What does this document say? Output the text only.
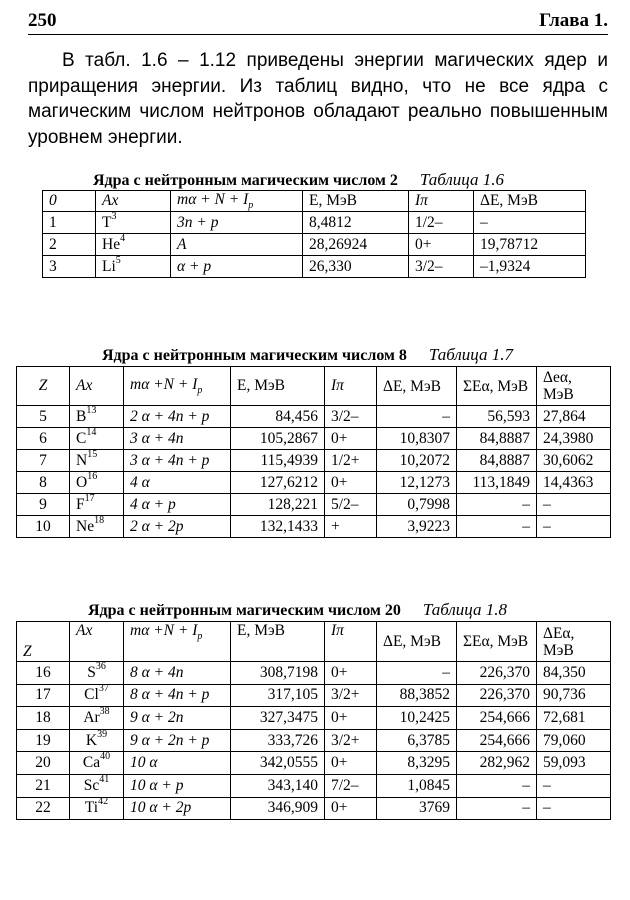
250	Глава 1.
В табл. 1.6 – 1.12 приведены энергии магических ядер и приращения энергии. Из таблиц видно, что не все ядра с магическим числом нейтронов обладают реально повышенным уровнем энергии.
Ядра с нейтронным магическим числом 2 Таблица 1.6
0	Ax	$m\alpha + N + I_p$	E, МэВ	Iπ	ΔE, МэВ
1	$T^3$	3n + p	8,4812	1/2–	–
2	He$^4$	A	28,26924	0+	19,78712
3	Li$^5$	α + p	26,330	3/2–	–1,9324
Ядра с нейтронным магическим числом 8 Таблица 1.7
Z	Ax	$m\alpha +N + I_p$	E, МэВ	Iπ	ΔE, МэВ	ΣEα, МэВ	Δeα, МэВ
5	$B^{13}$	2 α + 4n + p	84,456	3/2–	–	56,593	27,864
6	$C^{14}$	3 α + 4n	105,2867	0+	10,8307	84,8887	24,3980
7	$N^{15}$	3 α + 4n + p	115,4939	1/2+	10,2072	84,8887	30,6062
8	$O^{16}$	4 α	127,6212	0+	12,1273	113,1849	14,4363
9	$F^{17}$	4 α + p	128,221	5/2–	0,7998	–	–
10	Ne$^{18}$	2 α + 2p	132,1433	+	3,9223	–	–
Ядра с нейтронным магическим числом 20 Таблица 1.8
Z	Ax	$m\alpha +N + I_p$	E, МэВ	Iπ	ΔE, МэВ	ΣEα, МэВ	ΔEα, МэВ
16	$S^{36}$	8 α + 4n	308,7198	0+	–	226,370	84,350
17	Cl$^{37}$	8 α + 4n + p	317,105	3/2+	88,3852	226,370	90,736
18	Ar$^{38}$	9 α + 2n	327,3475	0+	10,2425	254,666	72,681
19	$K^{39}$	9 α + 2n + p	333,726	3/2+	6,3785	254,666	79,060
20	Ca$^{40}$	10 α	342,0555	0+	8,3295	282,962	59,093
21	Sc$^{41}$	10 α + p	343,140	7/2–	1,0845	–	–
22	Ti$^{42}$	10 α + 2p	346,909	0+	3769	–	–
